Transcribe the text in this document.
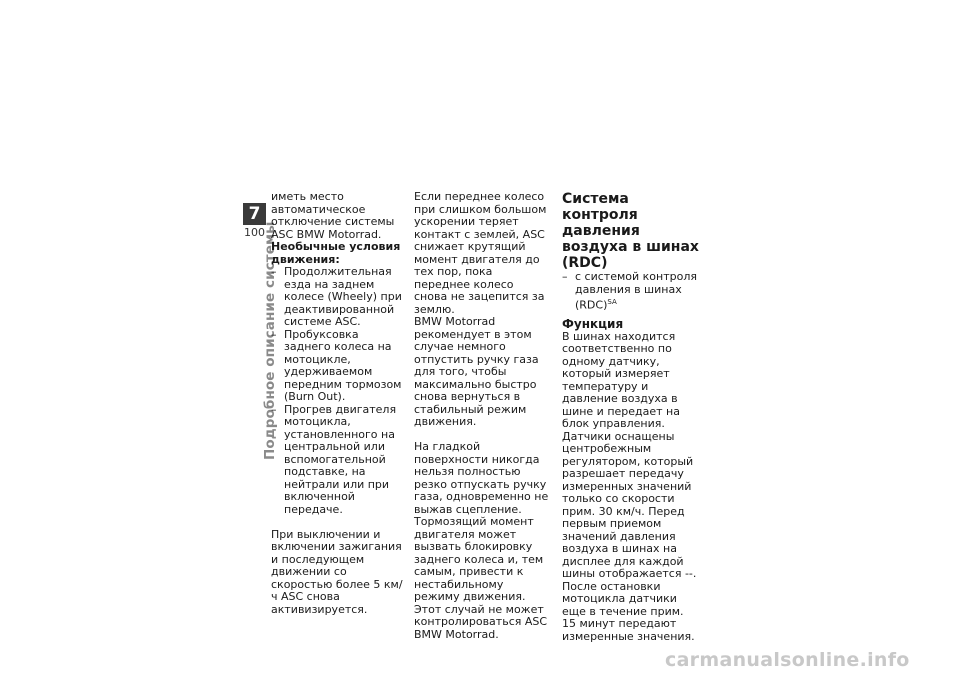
7
100
Подробное описание системы

иметь место автоматическое отключение системы ASC BMW Motorrad.

Необычные условия движения:

– Продолжительная езда на заднем колесе (Wheely) при деактивированной системе ASC.
– Пробуксовка заднего колеса на мотоцикле, удерживаемом передним тормозом (Burn Out).
– Прогрев двигателя мотоцикла, установленного на центральной или вспомогательной подставке, на нейтрали или при включенной передаче.

При выключении и включении зажигания и последующем движении со скоростью более 5 км/ч ASC снова активизируется.

Если переднее колесо при слишком большом ускорении теряет контакт с землей, ASC снижает крутящий момент двигателя до тех пор, пока переднее колесо снова не зацепится за землю.

BMW Motorrad рекомендует в этом случае немного отпустить ручку газа для того, чтобы максимально быстро снова вернуться в стабильный режим движения.

На гладкой поверхности никогда нельзя полностью резко отпускать ручку газа, одновременно не выжав сцепление. Тормозящий момент двигателя может вызвать блокировку заднего колеса и, тем самым, привести к нестабильному режиму движения. Этот случай не может контролироваться ASC BMW Motorrad.

Система контроля давления воздуха в шинах (RDC)

– с системой контроля давления в шинах (RDC)$^{SA}$

Функция

В шинах находится соответственно по одному датчику, который измеряет температуру и давление воздуха в шине и передает на блок управления. Датчики оснащены центробежным регулятором, который разрешает передачу измеренных значений только со скорости прим. 30 км/ч. Перед первым приемом значений давления воздуха в шинах на дисплее для каждой шины отображается --. После остановки мотоцикла датчики еще в течение прим. 15 минут передают измеренные значения.

carmanualsonline.info
